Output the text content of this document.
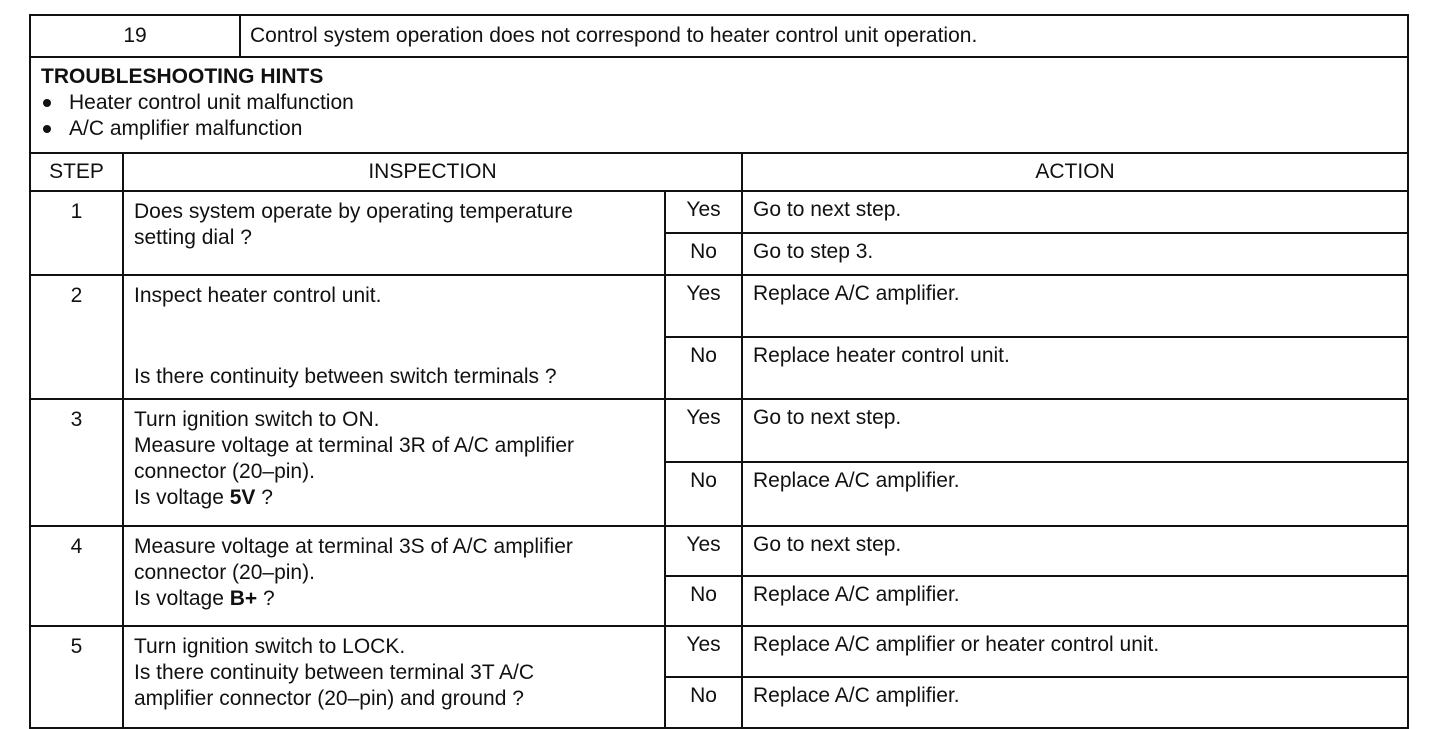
19		Control system operation does not correspond to heater control unit operation.		

TROUBLESHOOTING HINTS
Heater control unit malfunction
A/C amplifier malfunction				

STEP	INSPECTION			ACTION
1	Does system operate by operating temperature
setting dial ?		Yes	Go to next step.
			No	Go to step 3.
2	Inspect heater control unit.
Is there continuity between switch terminals ?		Yes	Replace A/C amplifier.
			No	Replace heater control unit.
3	Turn ignition switch to ON.
Measure voltage at terminal 3R of A/C amplifier
connector (20–pin).
Is voltage 5V ?		Yes	Go to next step.
			No	Replace A/C amplifier.
4	Measure voltage at terminal 3S of A/C amplifier
connector (20–pin).
Is voltage B+ ?		Yes	Go to next step.
			No	Replace A/C amplifier.
5	Turn ignition switch to LOCK.
Is there continuity between terminal 3T A/C
amplifier connector (20–pin) and ground ?		Yes	Replace A/C amplifier or heater control unit.
			No	Replace A/C amplifier.
